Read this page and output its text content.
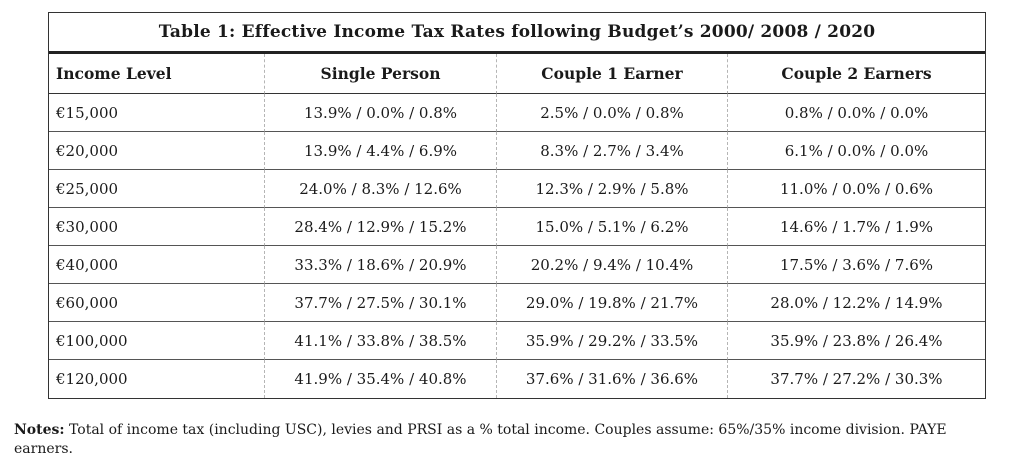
Table 1: Effective Income Tax Rates following Budget’s 2000/ 2008 / 2020
Income Level	Single Person	Couple 1 Earner	Couple 2 Earners
€15,000	13.9% / 0.0% / 0.8%	2.5% / 0.0% / 0.8%	0.8% / 0.0% / 0.0%
€20,000	13.9% / 4.4% / 6.9%	8.3% / 2.7% / 3.4%	6.1% / 0.0% / 0.0%
€25,000	24.0% / 8.3% / 12.6%	12.3% / 2.9% / 5.8%	11.0% / 0.0% / 0.6%
€30,000	28.4% / 12.9% / 15.2%	15.0% / 5.1% / 6.2%	14.6% / 1.7% / 1.9%
€40,000	33.3% / 18.6% / 20.9%	20.2% / 9.4% / 10.4%	17.5% / 3.6% / 7.6%
€60,000	37.7% / 27.5% / 30.1%	29.0% / 19.8% / 21.7%	28.0% / 12.2% / 14.9%
€100,000	41.1% / 33.8% / 38.5%	35.9% / 29.2% / 33.5%	35.9% / 23.8% / 26.4%
€120,000	41.9% / 35.4% / 40.8%	37.6% / 31.6% / 36.6%	37.7% / 27.2% / 30.3%
Notes: Total of income tax (including USC), levies and PRSI as a % total income. Couples assume: 65%/35% income division. PAYE earners.
